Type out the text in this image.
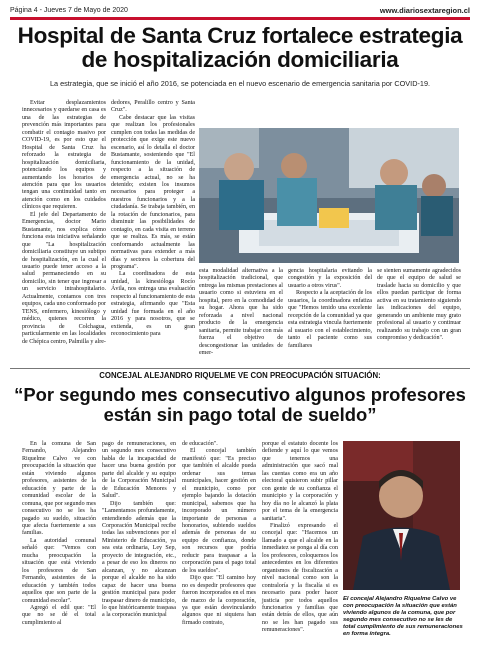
Página 4 - Jueves 7 de Mayo de 2020	www.diariosextaregion.cl
Hospital de Santa Cruz fortalece estrategia de hospitalización domiciliaria
La estrategia, que se inició el año 2016, se potenciada en el nuevo escenario de emergencia sanitaria por COVID-19.

Evitar desplazamientos innecesarios y quedarse en casa es una de las estrategias de prevención más importantes para combatir el contagio masivo por COVID-19, es por esto que el Hospital de Santa Cruz ha reforzado la estrategia de hospitalización domiciliaria, potenciando los equipos y aumentando los horarios de atención para que los usuarios tengan una continuidad tanto en atención como en los cuidados clínicos que requieren.

El jefe del Departamento de Emergencias, doctor Mario Bustamante, nos explica cómo funciona esta iniciativa señalando que "La hospitalización domiciliaria constituye un subtipo de hospitalización, en la cual el usuario puede tener acceso a la salud permaneciendo en su domicilio, sin tener que ingresar a un servicio intrahospitalario. Actualmente, contamos con tres equipos, cada uno conformado por TENS, enfermero, kinesiólogo y médico, quienes recorren la provincia de Colchagua, particularmente en las localidades de Chépica centro, Palmilla y alre-

dedores, Peralillo centro y Santa Cruz".

Cabe destacar que las visitas que realizan los profesionales cumplen con todas las medidas de protección que exige este nuevo escenario, así lo detalla el doctor Bustamante, sosteniendo que "El funcionamiento de la unidad, respecto a la situación de emergencia actual, no se ha detenido; existen los insumos necesarios para proteger a nuestros funcionarios y a la ciudadanía. Se trabaja también, en la rotación de funcionarios, para disminuir las posibilidades de contagio, en cada visita en terreno que se realiza. Es más, se están conformando actualmente las normativas para extender a más días y sectores la cobertura del programa".

La coordinadora de esta unidad, la kinesióloga Rocío Ávila, nos entrega una evaluación respecto al funcionamiento de esta estrategia, afirmando que "Esta unidad fue formada en el año 2016 y para nosotros, que se extienda, es un gran reconocimiento para

esta modalidad alternativa a la hospitalización tradicional, que entrega las mismas prestaciones al usuario como si estuviera en el hospital, pero en la comodidad de su hogar. Ahora que ha sido reforzada a nivel nacional producto de la emergencia sanitaria, permite trabajar con más fuerza el objetivo de descongestionar las unidades de emer-

gencia hospitalaria evitando la congestión y la exposición del usuario a otros virus".

Respecto a la aceptación de los usuarios, la coordinadora enfatiza que "Hemos tenido una excelente recepción de la comunidad ya que esta estrategia vincula fuertemente al usuario con el establecimiento, tanto el paciente como sus familiares

se sienten sumamente agradecidos de que el equipo de salud se traslade hacia su domicilio y que ellos puedan participar de forma activa en su tratamiento siguiendo las indicaciones del equipo, generando un ambiente muy grato profesional al usuario y continuar realizando su trabajo con un gran compromiso y dedicación".

CONCEJAL ALEJANDRO RIQUELME VE CON PREOCUPACIÓN SITUACIÓN:
“Por segundo mes consecutivo algunos profesores están sin pago total de sueldo”

En la comuna de San Fernando, Alejandro Riquelme Calvo ve con preocupación la situación que están viviendo algunos profesores, asistentes de la educación y parte de la comunidad escolar de la comuna, que por segundo mes consecutivo no se les ha pagado su sueldo, situación que afecta fuertemente a sus familias.

La autoridad comunal señaló que: "Vemos con mucha preocupación la situación que está viviendo los profesores de San Fernando, asistentes de la educación y también todos aquellos que son parte de la comunidad escolar".

Agregó el edil que: "El que no se dé el total cumplimiento al

pago de remuneraciones, en un segundo mes consecutivo habla de la incapacidad de hacer una buena gestión por parte del alcalde y su equipo de la Corporación Municipal de Educación Menores y Salud".

Dijo también que: "Lamentamos profundamente, entendiendo además que la Corporación Municipal recibe todas las subvenciones por el Ministerio de Educación, ya sea esta ordinaria, Ley Sep, proyecto de integración, etc., a pesar de eso los dineros no alcanzan, y no alcanzan porque el alcalde no ha sido capaz de hacer una buena gestión municipal para poder traspasar dinero de municipio, lo que históricamente traspasa a la corporación municipal

de educación".

El concejal también manifestó que: "Es preciso que también el alcalde pueda ordenar sus temas municipales, hacer gestión en el municipio, como por ejemplo bajando la dotación municipal, sabemos que ha incorporado un número importante de personas a honorarios, subiendo sueldos además de personas de su equipo de confianza, donde son recursos que podría reducir para traspasar a la corporación para el pago total de los sueldos".

Dijo que: "El camino hoy no es despedir profesores que fueron incorporados en el mes de marzo de la corporación, ya que están desvinculando algunos que ni siquiera han firmado contrato,

porque el estatuto docente los defiende y aquí lo que vemos que tenemos una administración que sacó mal las cuentas como era un año electoral quisieron subir pillar con gente de su confianza el municipio y la corporación y hoy día no le alcanzó la plata por el tema de la emergencia sanitaria".

Finalizó expresando el concejal que: "Hacemos un llamado a que el alcalde en la inmediatez se ponga al día con los profesores, coloquemos los antecedentes en los diferentes organismos de fiscalización a nivel nacional como son la contraloría y la fiscalía si es necesario para poder hacer justicia por todos aquellos funcionarios y familias que están detrás de ellos, que aún no se les han pagado sus remuneraciones".

El concejal Alejandro Riquelme Calvo ve con preocupación la situación que están viviendo algunos de la comuna, que por segundo mes consecutivo no se les de total cumplimiento de sus remuneraciones en forma íntegra.
